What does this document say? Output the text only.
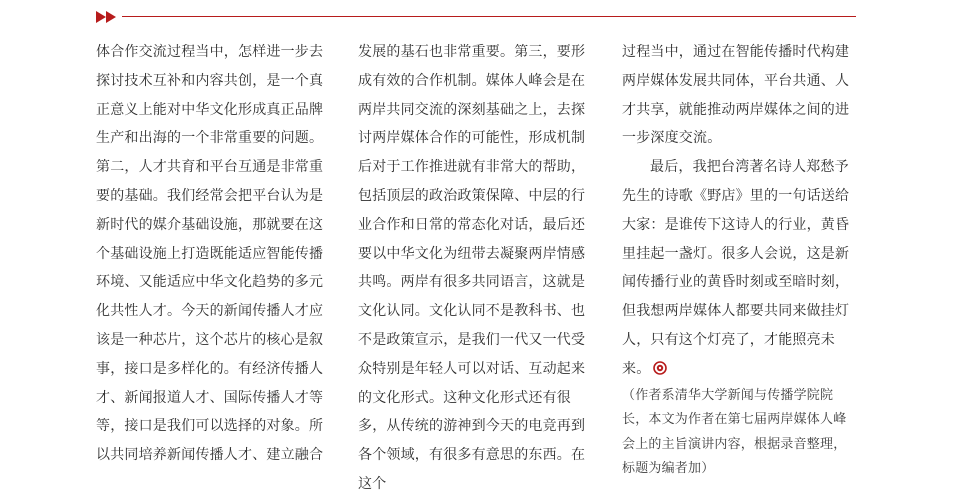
体合作交流过程当中，怎样进一步去探讨技术互补和内容共创，是一个真正意义上能对中华文化形成真正品牌生产和出海的一个非常重要的问题。

第二，人才共育和平台互通是非常重要的基础。我们经常会把平台认为是新时代的媒介基础设施，那就要在这个基础设施上打造既能适应智能传播环境、又能适应中华文化趋势的多元化共性人才。今天的新闻传播人才应该是一种芯片，这个芯片的核心是叙事，接口是多样化的。有经济传播人才、新闻报道人才、国际传播人才等等，接口是我们可以选择的对象。所以共同培养新闻传播人才、建立融合

发展的基石也非常重要。第三，要形成有效的合作机制。媒体人峰会是在两岸共同交流的深刻基础之上，去探讨两岸媒体合作的可能性，形成机制后对于工作推进就有非常大的帮助，包括顶层的政治政策保障、中层的行业合作和日常的常态化对话，最后还要以中华文化为纽带去凝聚两岸情感共鸣。两岸有很多共同语言，这就是文化认同。文化认同不是教科书、也不是政策宣示，是我们一代又一代受众特别是年轻人可以对话、互动起来的文化形式。这种文化形式还有很多，从传统的游神到今天的电竞再到各个领域，有很多有意思的东西。在这个

过程当中，通过在智能传播时代构建两岸媒体发展共同体，平台共通、人才共享，就能推动两岸媒体之间的进一步深度交流。

最后，我把台湾著名诗人郑愁予先生的诗歌《野店》里的一句话送给大家：是谁传下这诗人的行业，黄昏里挂起一盏灯。很多人会说，这是新闻传播行业的黄昏时刻或至暗时刻，但我想两岸媒体人都要共同来做挂灯人，只有这个灯亮了，才能照亮未来。

（作者系清华大学新闻与传播学院院长，本文为作者在第七届两岸媒体人峰会上的主旨演讲内容，根据录音整理，标题为编者加）
